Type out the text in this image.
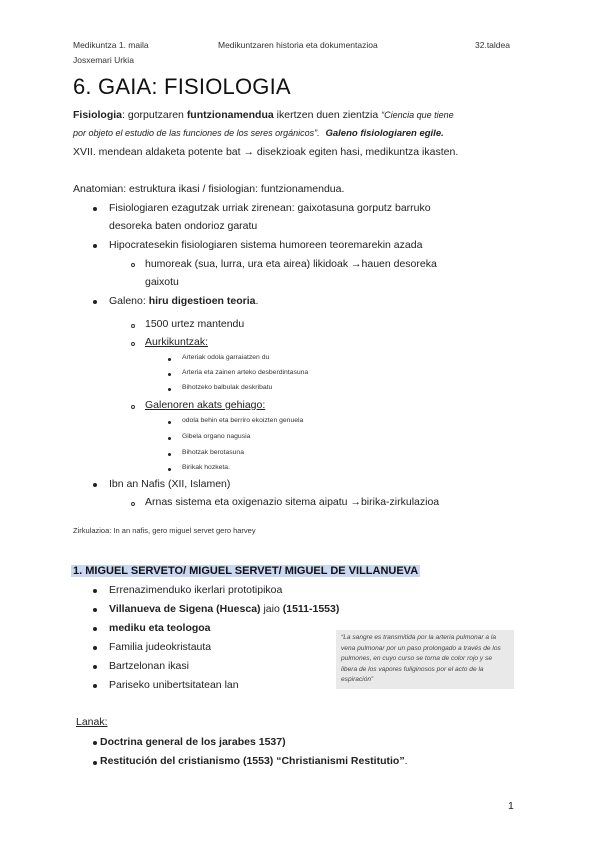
Medikuntza 1. maila	Medikuntzaren historia eta dokumentazioa	32.taldea
Josxemari Urkia
6. GAIA: FISIOLOGIA
Fisiologia: gorputzaren funtzionamendua ikertzen duen zientzia “Ciencia que tiene
por objeto el estudio de las funciones de los seres orgánicos”. Galeno fisiologiaren egile.
XVII. mendean aldaketa potente bat → disekzioak egiten hasi, medikuntza ikasten.
Anatomian: estruktura ikasi / fisiologian: funtzionamendua.
Fisiologiaren ezagutzak urriak zirenean: gaixotasuna gorputz barruko
desoreka baten ondorioz garatu
Hipocratesekin fisiologiaren sistema humoreen teoremarekin azada
humoreak (sua, lurra, ura eta airea) likidoak →hauen desoreka
gaixotu
Galeno: hiru digestioen teoria.
1500 urtez mantendu
Aurkikuntzak:
Arteriak odola garraiatzen du
Arteria eta zainen arteko desberdintasuna
Bihotzeko balbulak deskribatu
Galenoren akats gehiago:
odola behin eta berriro ekoizten genuela
Gibela organo nagusia
Bihotzak berotasuna
Birikak hozketa.
Ibn an Nafis (XII, Islamen)
Arnas sistema eta oxigenazio sitema aipatu →birika-zirkulazioa
Zirkulazioa: In an nafis, gero miguel servet gero harvey
1. MIGUEL SERVETO/ MIGUEL SERVET/ MIGUEL DE VILLANUEVA
Errenazimenduko ikerlari prototipikoa
Villanueva de Sigena (Huesca) jaio (1511-1553)
mediku eta teologoa
Familia judeokristauta
Bartzelonan ikasi
Pariseko unibertsitatean lan
“La sangre es transmitida por la arteria pulmonar a la vena pulmonar por un paso prolongado a través de los pulmones, en cuyo curso se torna de color rojo y se libera de los vapores fuliginosos por el acto de la espiración”
Lanak:
Doctrina general de los jarabes 1537)
Restitución del cristianismo (1553) “Christianismi Restitutio”.
1
